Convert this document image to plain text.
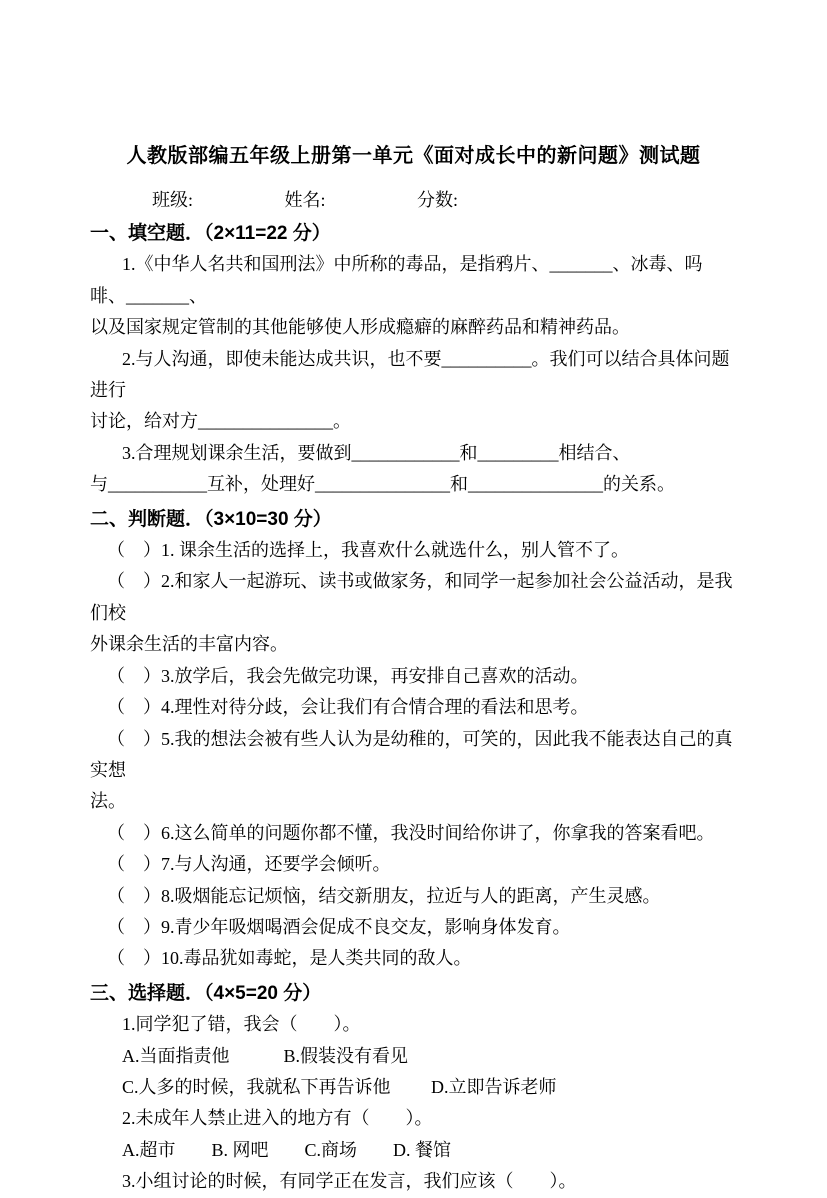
人教版部编五年级上册第一单元《面对成长中的新问题》测试题
班级:	姓名:	分数:
一、填空题．（2×11=22 分）
1.《中华人名共和国刑法》中所称的毒品，是指鸦片、_______、冰毒、吗啡、_______、
以及国家规定管制的其他能够使人形成瘾癖的麻醉药品和精神药品。
2.与人沟通，即使未能达成共识，也不要__________。我们可以结合具体问题进行
讨论，给对方_______________。
3.合理规划课余生活，要做到____________和_________相结合、
与___________互补，处理好_______________和_______________的关系。
二、判断题．（3×10=30 分）
（　）1. 课余生活的选择上，我喜欢什么就选什么，别人管不了。
（　）2.和家人一起游玩、读书或做家务，和同学一起参加社会公益活动，是我们校
外课余生活的丰富内容。
（　）3.放学后，我会先做完功课，再安排自己喜欢的活动。
（　）4.理性对待分歧，会让我们有合情合理的看法和思考。
（　）5.我的想法会被有些人认为是幼稚的，可笑的，因此我不能表达自己的真实想
法。
（　）6.这么简单的问题你都不懂，我没时间给你讲了，你拿我的答案看吧。
（　）7.与人沟通，还要学会倾听。
（　）8.吸烟能忘记烦恼，结交新朋友，拉近与人的距离，产生灵感。
（　）9.青少年吸烟喝酒会促成不良交友，影响身体发育。
（　）10.毒品犹如毒蛇，是人类共同的敌人。
三、选择题．（4×5=20 分）
1.同学犯了错，我会（　　）。
A.当面指责他　　　B.假装没有看见
C.人多的时候，我就私下再告诉他　　 D.立即告诉老师
2.未成年人禁止进入的地方有（　　）。
A.超市　　B. 网吧　　C.商场　　D. 餐馆
3.小组讨论的时候，有同学正在发言，我们应该（　　）。
